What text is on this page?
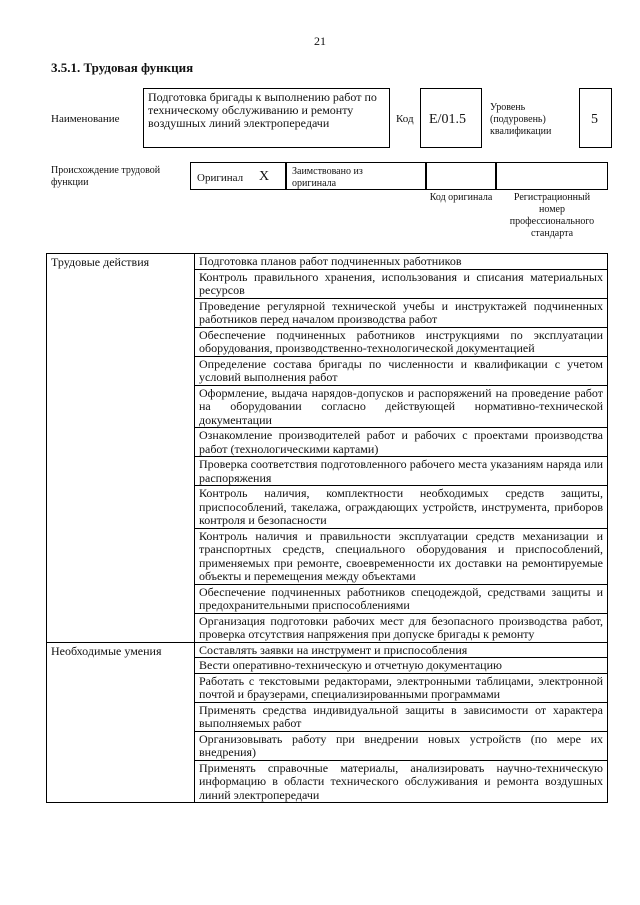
21
3.5.1. Трудовая функция
Наименование
Подготовка бригады к выполнению работ по техническому обслуживанию и ремонту воздушных линий электропередачи	Код E/01.5
Уровень (подуровень) квалификации
5
Происхождение трудовой функции	Оригинал X Заимствовано из оригинала
Код оригинала	Регистрационный номер профессионального стандарта
Трудовые действия	Подготовка планов работ подчиненных работников
	Контроль правильного хранения, использования и списания материальных ресурсов
	Проведение регулярной технической учебы и инструктажей подчиненных работников перед началом производства работ
	Обеспечение подчиненных работников инструкциями по эксплуатации оборудования, производственно-технологической документацией
	Определение состава бригады по численности и квалификации с учетом условий выполнения работ
	Оформление, выдача нарядов-допусков и распоряжений на проведение работ на оборудовании согласно действующей нормативно-технической документации
	Ознакомление производителей работ и рабочих с проектами производства работ (технологическими картами)
	Проверка соответствия подготовленного рабочего места указаниям наряда или распоряжения
	Контроль наличия, комплектности необходимых средств защиты, приспособлений, такелажа, ограждающих устройств, инструмента, приборов контроля и безопасности
	Контроль наличия и правильности эксплуатации средств механизации и транспортных средств, специального оборудования и приспособлений, применяемых при ремонте, своевременности их доставки на ремонтируемые объекты и перемещения между объектами
	Обеспечение подчиненных работников спецодеждой, средствами защиты и предохранительными приспособлениями
	Организация подготовки рабочих мест для безопасного производства работ, проверка отсутствия напряжения при допуске бригады к ремонту
Необходимые умения	Составлять заявки на инструмент и приспособления
	Вести оперативно-техническую и отчетную документацию
	Работать с текстовыми редакторами, электронными таблицами, электронной почтой и браузерами, специализированными программами
	Применять средства индивидуальной защиты в зависимости от характера выполняемых работ
	Организовывать работу при внедрении новых устройств (по мере их внедрения)
	Применять справочные материалы, анализировать научно-техническую информацию в области технического обслуживания и ремонта воздушных линий электропередачи
